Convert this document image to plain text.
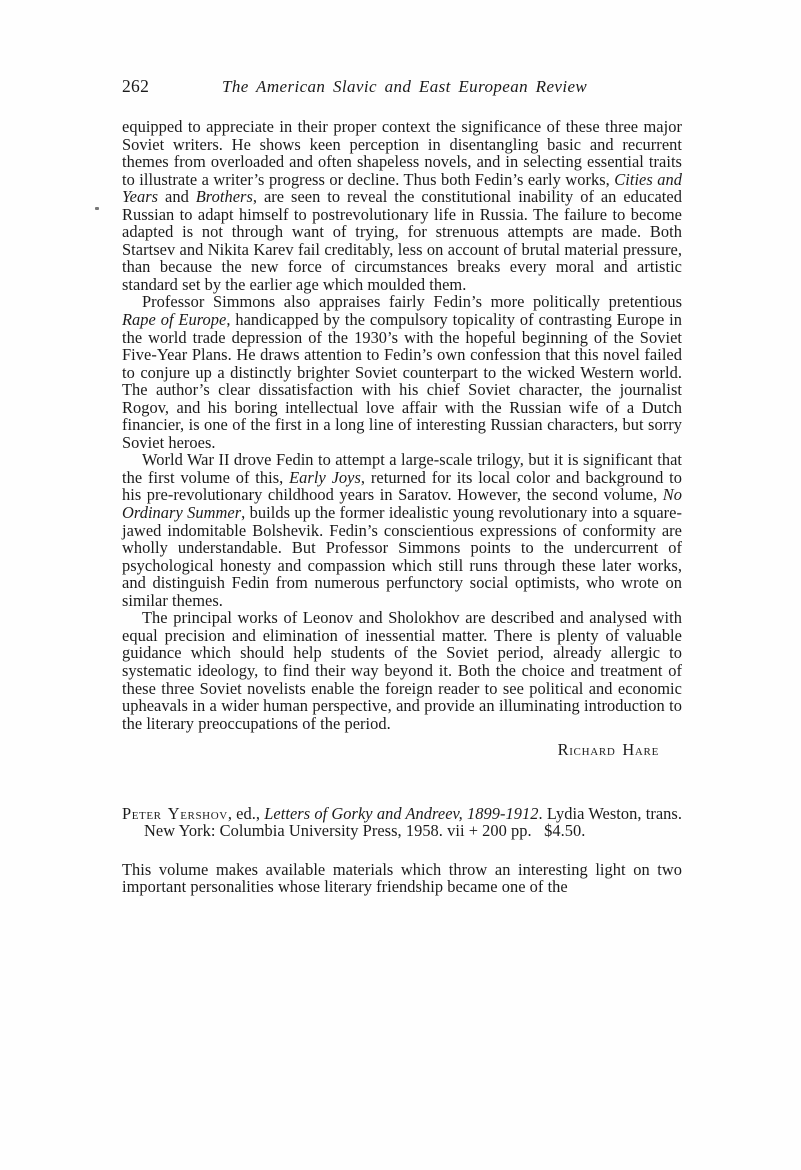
262	The American Slavic and East European Review

equipped to appreciate in their proper context the significance of these three major Soviet writers. He shows keen perception in disentangling basic and recurrent themes from overloaded and often shapeless novels, and in selecting essential traits to illustrate a writer’s progress or decline. Thus both Fedin’s early works, Cities and Years and Brothers, are seen to reveal the constitutional inability of an educated Russian to adapt himself to postrevolutionary life in Russia. The failure to become adapted is not through want of trying, for strenuous attempts are made. Both Startsev and Nikita Karev fail creditably, less on account of brutal material pressure, than because the new force of circumstances breaks every moral and artistic standard set by the earlier age which moulded them.

Professor Simmons also appraises fairly Fedin’s more politically pretentious Rape of Europe, handicapped by the compulsory topicality of contrasting Europe in the world trade depression of the 1930’s with the hopeful beginning of the Soviet Five-Year Plans. He draws attention to Fedin’s own confession that this novel failed to conjure up a distinctly brighter Soviet counterpart to the wicked Western world. The author’s clear dissatisfaction with his chief Soviet character, the journalist Rogov, and his boring intellectual love affair with the Russian wife of a Dutch financier, is one of the first in a long line of interesting Russian characters, but sorry Soviet heroes.

World War II drove Fedin to attempt a large-scale trilogy, but it is significant that the first volume of this, Early Joys, returned for its local color and background to his pre-revolutionary childhood years in Saratov. However, the second volume, No Ordinary Summer, builds up the former idealistic young revolutionary into a square-jawed indomitable Bolshevik. Fedin’s conscientious expressions of conformity are wholly understandable. But Professor Simmons points to the undercurrent of psychological honesty and compassion which still runs through these later works, and distinguish Fedin from numerous perfunctory social optimists, who wrote on similar themes.

The principal works of Leonov and Sholokhov are described and analysed with equal precision and elimination of inessential matter. There is plenty of valuable guidance which should help students of the Soviet period, already allergic to systematic ideology, to find their way beyond it. Both the choice and treatment of these three Soviet novelists enable the foreign reader to see political and economic upheavals in a wider human perspective, and provide an illuminating introduction to the literary preoccupations of the period.

Richard Hare

Peter Yershov, ed., Letters of Gorky and Andreev, 1899-1912. Lydia Weston, trans. New York: Columbia University Press, 1958. vii + 200 pp. $4.50.

This volume makes available materials which throw an interesting light on two important personalities whose literary friendship became one of the
